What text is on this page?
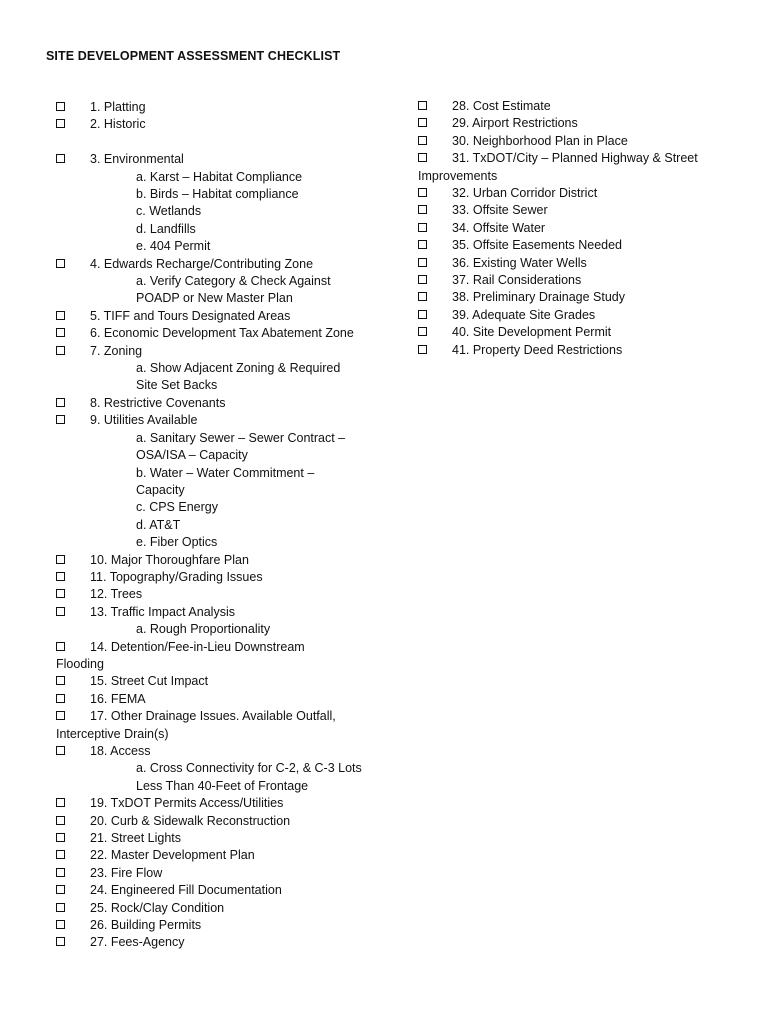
SITE DEVELOPMENT ASSESSMENT CHECKLIST
1. Platting
2. Historic
3. Environmental
a. Karst – Habitat Compliance
b. Birds – Habitat compliance
c. Wetlands
d. Landfills
e. 404 Permit
4. Edwards Recharge/Contributing Zone
a. Verify Category & Check Against
POADP or New Master Plan
5. TIFF and Tours Designated Areas
6. Economic Development Tax Abatement Zone
7. Zoning
a. Show Adjacent Zoning & Required
Site Set Backs
8. Restrictive Covenants
9. Utilities Available
a. Sanitary Sewer – Sewer Contract –
OSA/ISA – Capacity
b. Water – Water Commitment –
Capacity
c. CPS Energy
d. AT&T
e. Fiber Optics
10. Major Thoroughfare Plan
11. Topography/Grading Issues
12. Trees
13. Traffic Impact Analysis
a. Rough Proportionality
14. Detention/Fee-in-Lieu Downstream
Flooding
15. Street Cut Impact
16. FEMA
17. Other Drainage Issues. Available Outfall,
Interceptive Drain(s)
18. Access
a. Cross Connectivity for C-2, & C-3 Lots
Less Than 40-Feet of Frontage
19. TxDOT Permits Access/Utilities
20. Curb & Sidewalk Reconstruction
21. Street Lights
22. Master Development Plan
23. Fire Flow
24. Engineered Fill Documentation
25. Rock/Clay Condition
26. Building Permits
27. Fees-Agency
28. Cost Estimate
29. Airport Restrictions
30. Neighborhood Plan in Place
31. TxDOT/City – Planned Highway & Street
Improvements
32. Urban Corridor District
33. Offsite Sewer
34. Offsite Water
35. Offsite Easements Needed
36. Existing Water Wells
37. Rail Considerations
38. Preliminary Drainage Study
39. Adequate Site Grades
40. Site Development Permit
41. Property Deed Restrictions
